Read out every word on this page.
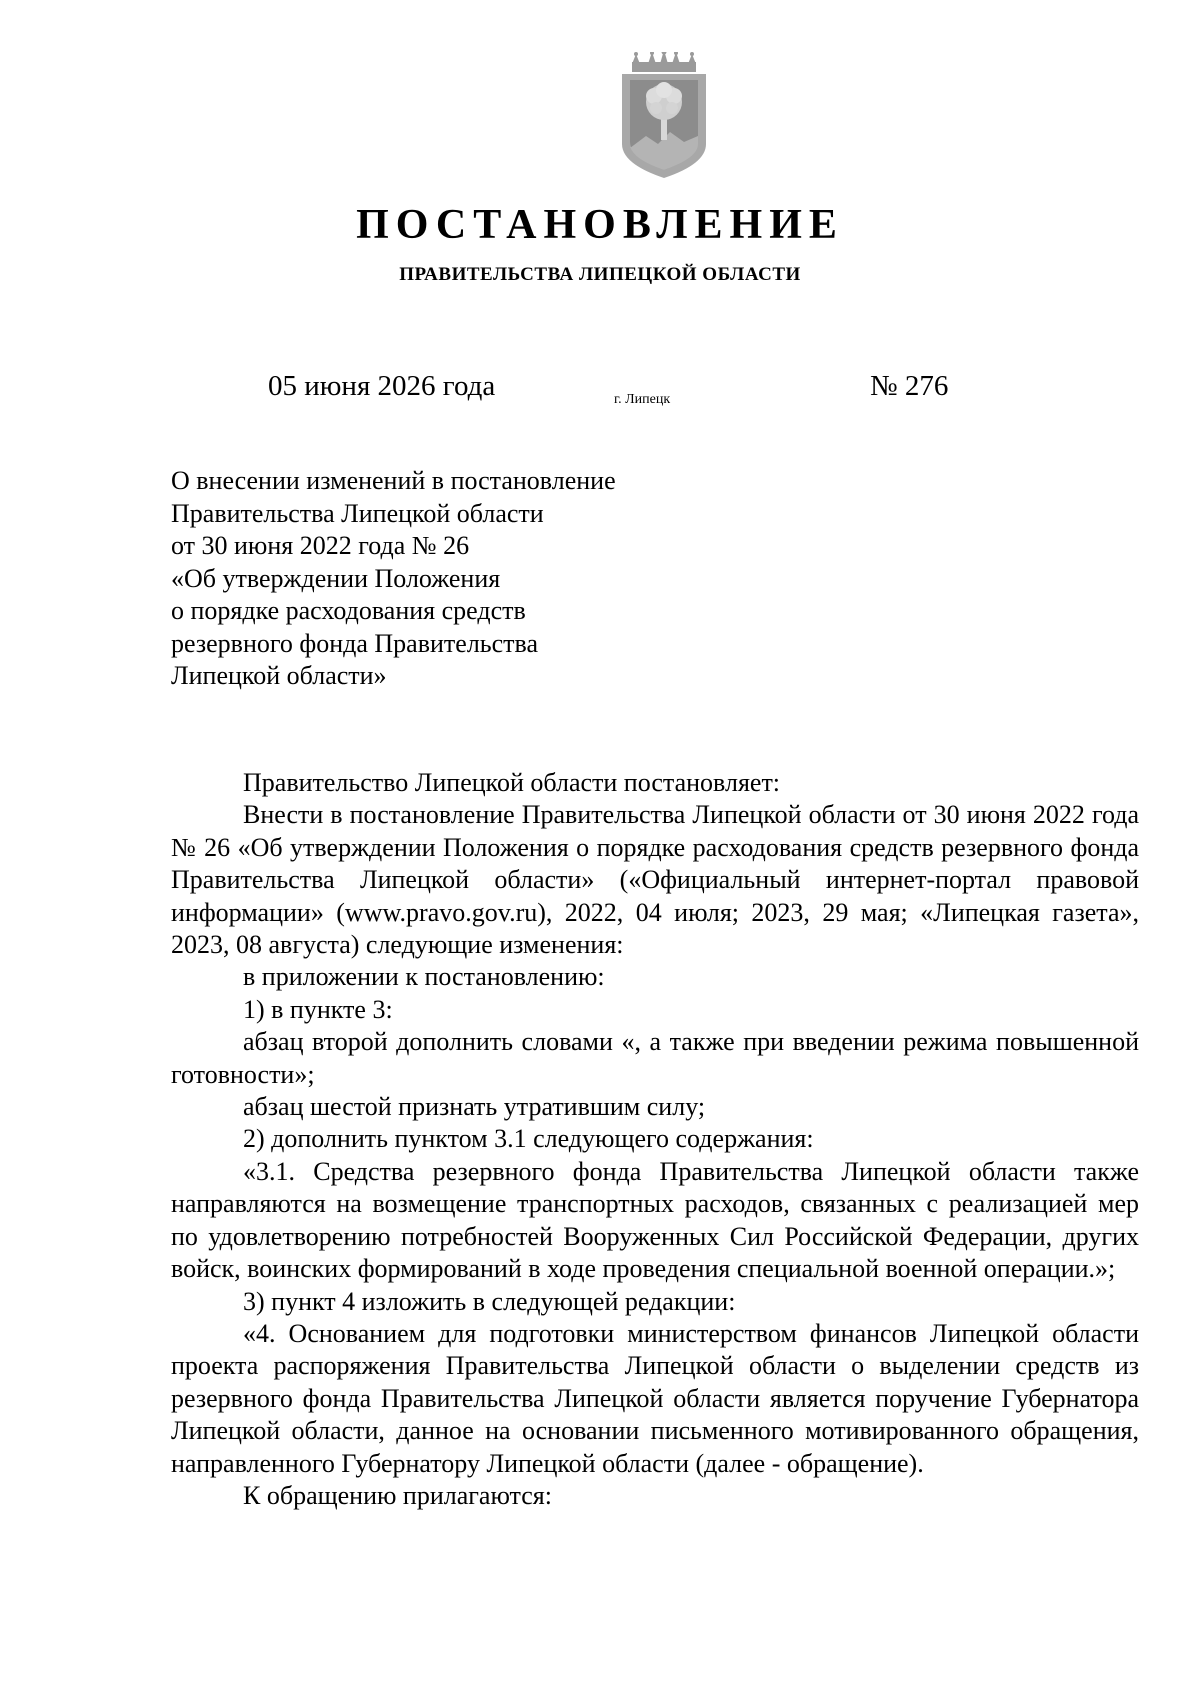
ПОСТАНОВЛЕНИЕ
ПРАВИТЕЛЬСТВА ЛИПЕЦКОЙ ОБЛАСТИ
05 июня 2026 года	г. Липецк	№ 276
О внесении изменений в постановление
Правительства Липецкой области
от 30 июня 2022 года № 26
«Об утверждении Положения
о порядке расходования средств
резервного фонда Правительства
Липецкой области»

Правительство Липецкой области постановляет:

Внести в постановление Правительства Липецкой области от 30 июня 2022 года № 26 «Об утверждении Положения о порядке расходования средств резервного фонда Правительства Липецкой области» («Официальный интернет-портал правовой информации» (www.pravo.gov.ru), 2022, 04 июля; 2023, 29 мая; «Липецкая газета», 2023, 08 августа) следующие изменения:

в приложении к постановлению:

1) в пункте 3:

абзац второй дополнить словами «, а также при введении режима повышенной готовности»;

абзац шестой признать утратившим силу;

2) дополнить пунктом 3.1 следующего содержания:

«3.1. Средства резервного фонда Правительства Липецкой области также направляются на возмещение транспортных расходов, связанных с реализацией мер по удовлетворению потребностей Вооруженных Сил Российской Федерации, других войск, воинских формирований в ходе проведения специальной военной операции.»;

3) пункт 4 изложить в следующей редакции:

«4. Основанием для подготовки министерством финансов Липецкой области проекта распоряжения Правительства Липецкой области о выделении средств из резервного фонда Правительства Липецкой области является поручение Губернатора Липецкой области, данное на основании письменного мотивированного обращения, направленного Губернатору Липецкой области (далее - обращение).

К обращению прилагаются:
